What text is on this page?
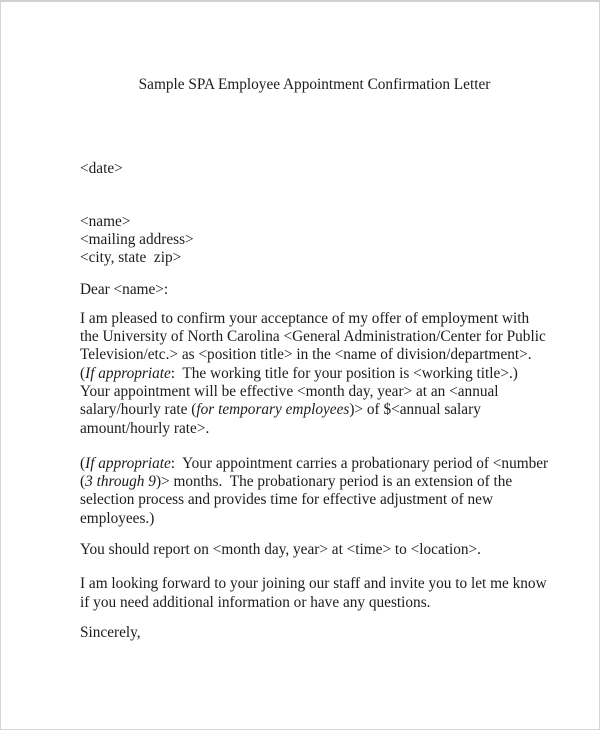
Sample SPA Employee Appointment Confirmation Letter

<date>

<name>
<mailing address>
<city, state  zip>

Dear <name>:

I am pleased to confirm your acceptance of my offer of employment with the University of North Carolina <General Administration/Center for Public Television/etc.> as <position title> in the <name of division/department>.  (If appropriate:  The working title for your position is <working title>.)  Your appointment will be effective <month day, year> at an <annual salary/hourly rate (for temporary employees)> of $<annual salary amount/hourly rate>.

(If appropriate:  Your appointment carries a probationary period of <number (3 through 9)> months.  The probationary period is an extension of the selection process and provides time for effective adjustment of new employees.)

You should report on <month day, year> at <time> to <location>.

I am looking forward to your joining our staff and invite you to let me know if you need additional information or have any questions.

Sincerely,
